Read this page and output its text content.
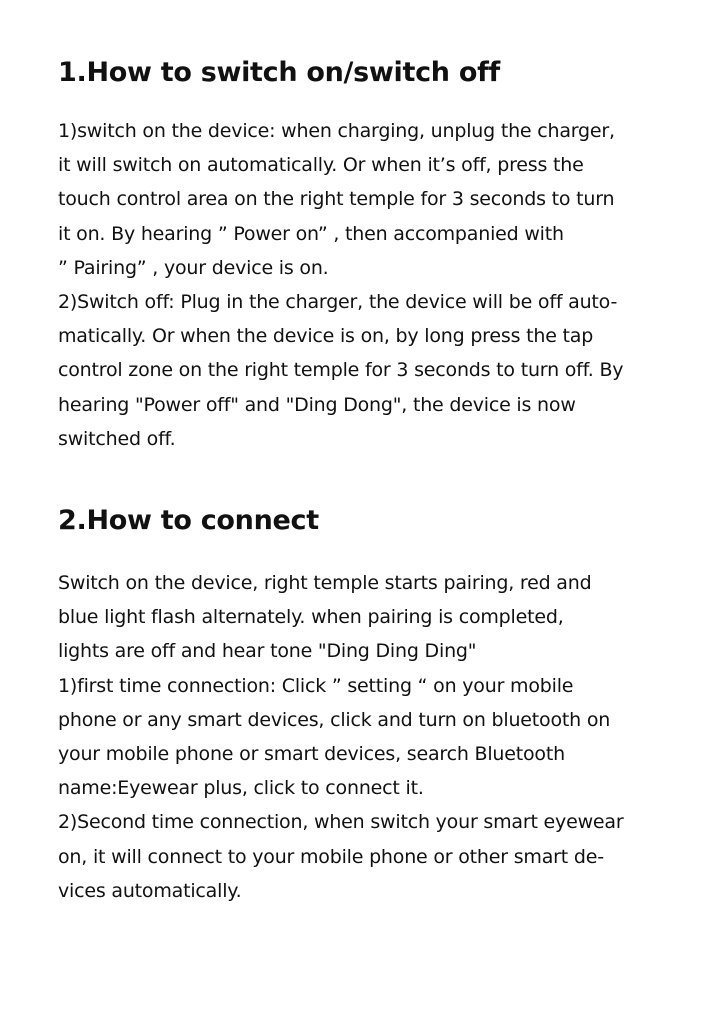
1.How to switch on/switch off

1)switch on the device: when charging, unplug the charger,

it will switch on automatically. Or when it’s off, press the

touch control area on the right temple for 3 seconds to turn

it on. By hearing ” Power on” , then accompanied with

” Pairing” , your device is on.

2)Switch off: Plug in the charger, the device will be off auto-

matically. Or when the device is on, by long press the tap

control zone on the right temple for 3 seconds to turn off. By

hearing "Power off" and "Ding Dong", the device is now

switched off.

2.How to connect

Switch on the device, right temple starts pairing, red and

blue light flash alternately. when pairing is completed,

lights are off and hear tone "Ding Ding Ding"

1)first time connection: Click ” setting “ on your mobile

phone or any smart devices, click and turn on bluetooth on

your mobile phone or smart devices, search Bluetooth

name:Eyewear plus, click to connect it.

2)Second time connection, when switch your smart eyewear

on, it will connect to your mobile phone or other smart de-

vices automatically.
